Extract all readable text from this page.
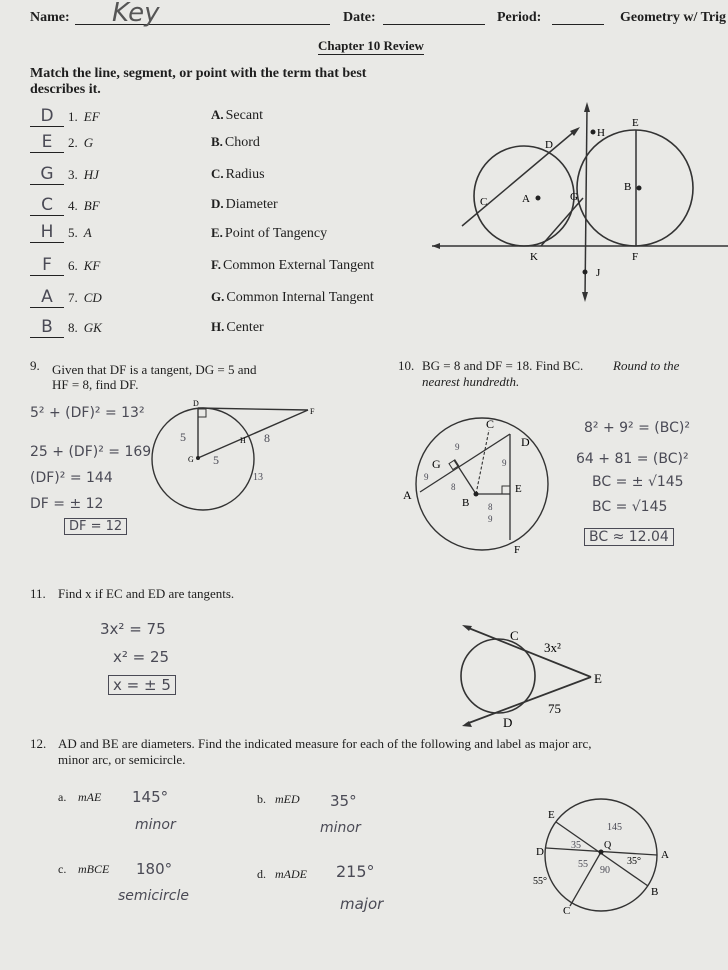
Name: Key	Date:	Period:	Geometry w/ Trig
Chapter 10 Review
Match the line, segment, or point with the term that best describes it.
D 1. EF
E 2. G
G 3. HJ
C 4. BF
H 5. A
F 6. KF
A 7. CD
B 8. GK
A. Secant
B. Chord
C. Radius
D. Diameter
E. Point of Tangency
F. Common External Tangent
G. Common Internal Tangent
H. Center
H
D
E
C	A	G
B
K	F
J
9. Given that DF is a tangent, DG = 5 and
HF = 8, find DF.
5² + (DF)² = 13²
25 + (DF)² = 169
(DF)² = 144
DF = ± 12
DF = 12
D
F
G
H
5	8
5
13
10. BG = 8 and DF = 18. Find BC. Round to the
nearest hundredth.
8² + 9² = (BC)²
64 + 81 = (BC)²
BC = ± √145
BC = √145
BC ≈ 12.04
C
D
G
E
A
B
F
9
9
8
8
9
9
11. Find x if EC and ED are tangents.
3x² = 75
x² = 25
x = ± 5
C
E
D
3x²
75
12. AD and BE are diameters. Find the indicated measure for each of the following and label as major arc,
minor arc, or semicircle.
a. mAE 145°
minor
b. mED 35°
minor
c. mBCE 180°
semicircle
d. mADE 215°
major
E
D	A
B
C
Q
145
35
55
90
35°
55°
